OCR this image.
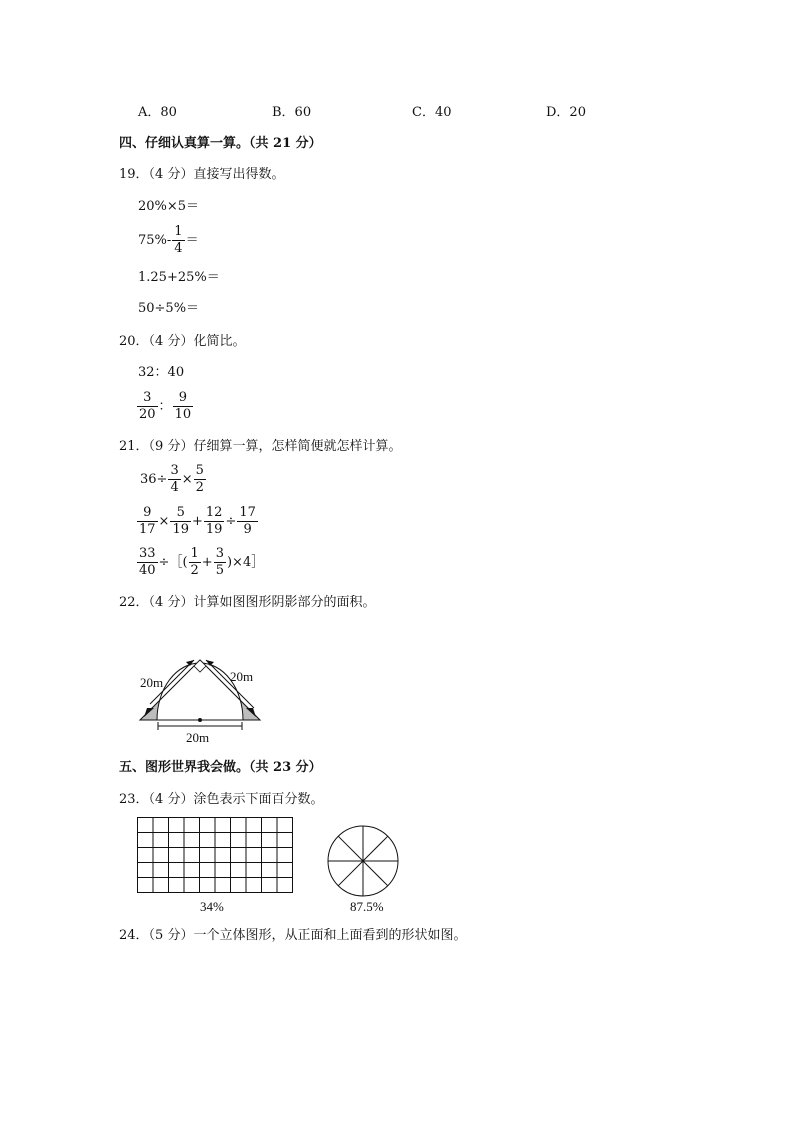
A．80	B．60	C．40	D．20
四、仔细认真算一算。（共 21 分）
19．（4 分）直接写出得数。
20%×5＝
$75\%- \frac{1}{4}$ ＝
1.25+25%＝
50÷5%＝
20．（4 分）化简比。
32：40
$\frac{3}{20}$ ： $\frac{9}{10}$
21．（9 分）仔细算一算，怎样简便就怎样计算。
$36\div \frac{3}{4} \times \frac{5}{2}$
$\frac{9}{17} \times \frac{5}{19} + \frac{12}{19} \div \frac{17}{9}$
$\frac{33}{40}$ ÷［( $\frac{1}{2} + \frac{3}{5}$ )×4］
22．（4 分）计算如图图形阴影部分的面积。
20m	20m
20m
五、图形世界我会做。（共 23 分）
23．（4 分）涂色表示下面百分数。
34%	87.5%
24．（5 分）一个立体图形，从正面和上面看到的形状如图。
